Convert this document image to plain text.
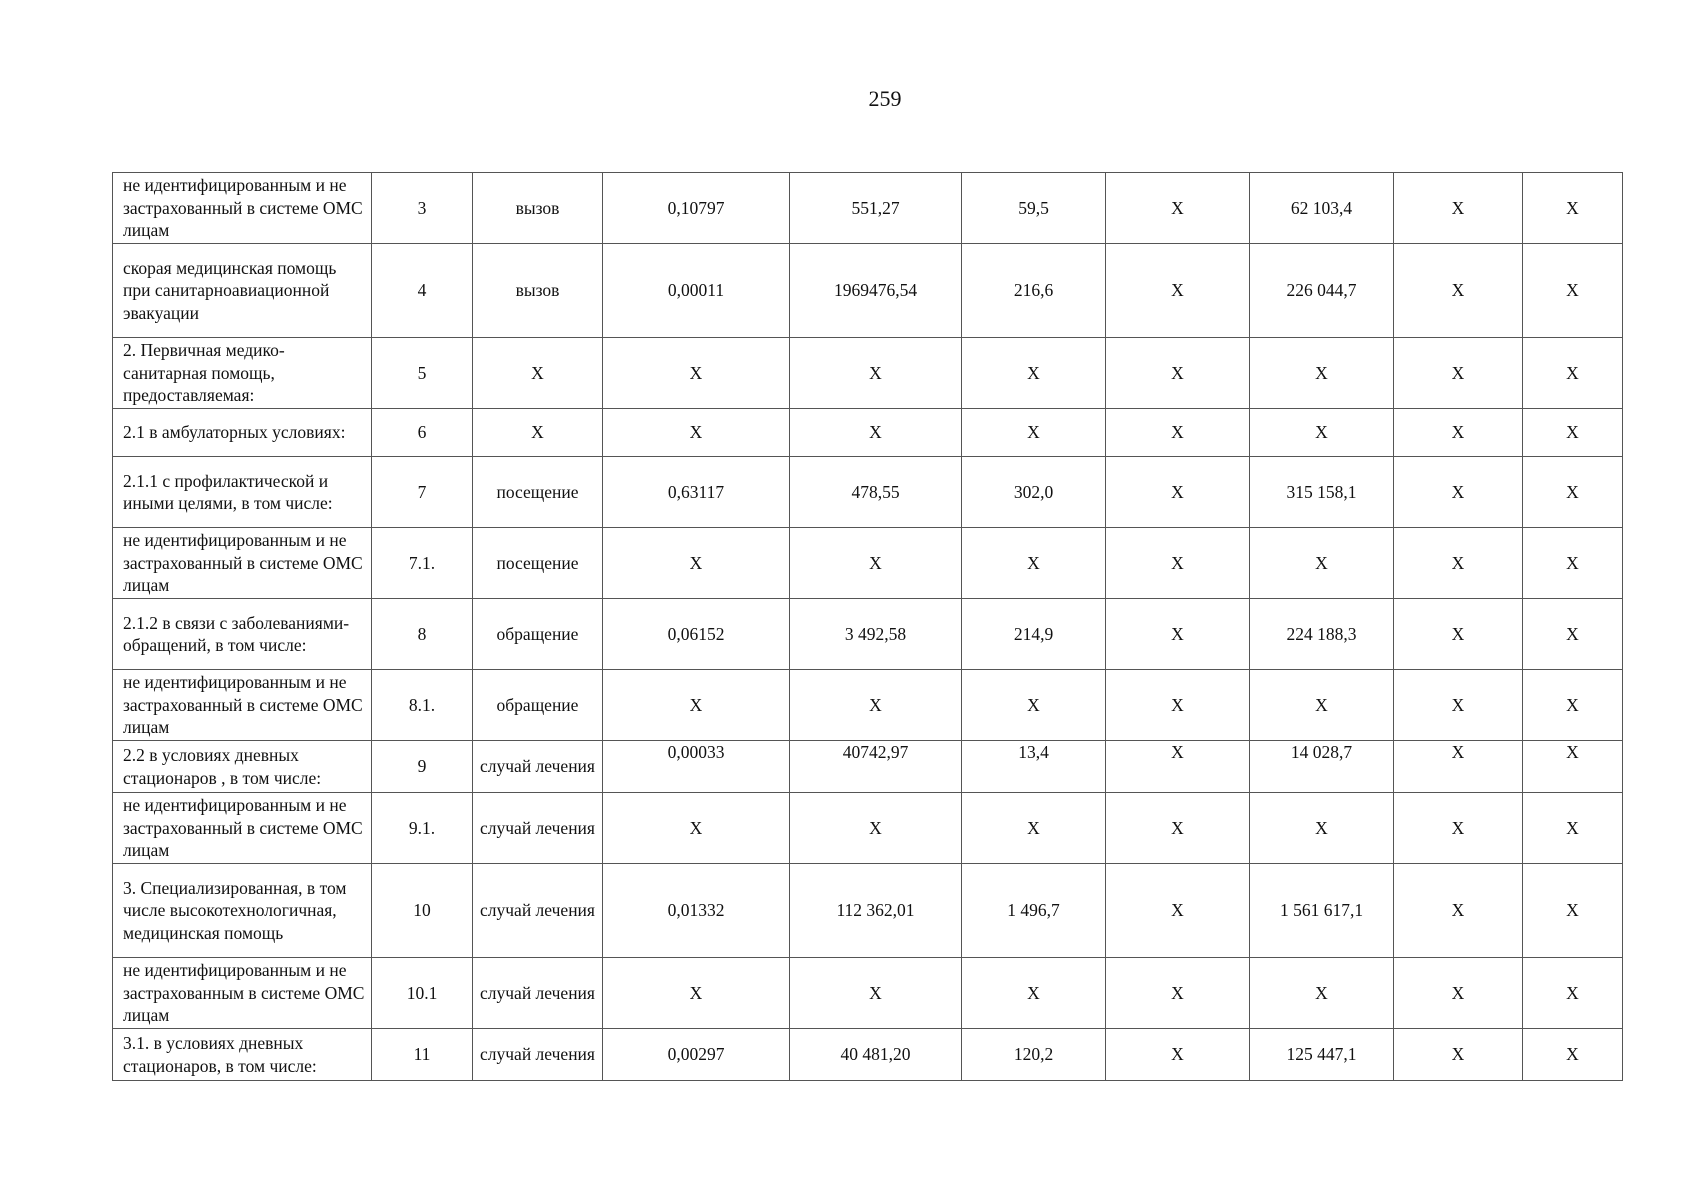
259
не идентифицированным и не застрахованный в системе ОМС лицам	3	вызов	0,10797	551,27	59,5	X	62 103,4	X	X
скорая медицинская помощь при санитарноавиационной эвакуации	4	вызов	0,00011	1969476,54	216,6	X	226 044,7	X	X
2. Первичная медико-санитарная помощь, предоставляемая:	5	X	X	X	X	X	X	X	X
2.1 в амбулаторных условиях:	6	X	X	X	X	X	X	X	X
2.1.1 с профилактической и иными целями, в том числе:	7	посещение	0,63117	478,55	302,0	X	315 158,1	X	X
не идентифицированным и не застрахованный в системе ОМС лицам	7.1.	посещение	X	X	X	X	X	X	X
2.1.2 в связи с заболеваниями-обращений, в том числе:	8	обращение	0,06152	3 492,58	214,9	X	224 188,3	X	X
не идентифицированным и не застрахованный в системе ОМС лицам	8.1.	обращение	X	X	X	X	X	X	X
2.2 в условиях дневных стационаров , в том числе:	9	случай лечения	0,00033	40742,97	13,4	X	14 028,7	X	X
не идентифицированным и не застрахованный в системе ОМС лицам	9.1.	случай лечения	X	X	X	X	X	X	X
3. Специализированная, в том числе высокотехнологичная, медицинская помощь	10	случай лечения	0,01332	112 362,01	1 496,7	X	1 561 617,1	X	X
не идентифицированным и не застрахованным в системе ОМС лицам	10.1	случай лечения	X	X	X	X	X	X	X
3.1. в условиях дневных стационаров, в том числе:	11	случай лечения	0,00297	40 481,20	120,2	X	125 447,1	X	X
